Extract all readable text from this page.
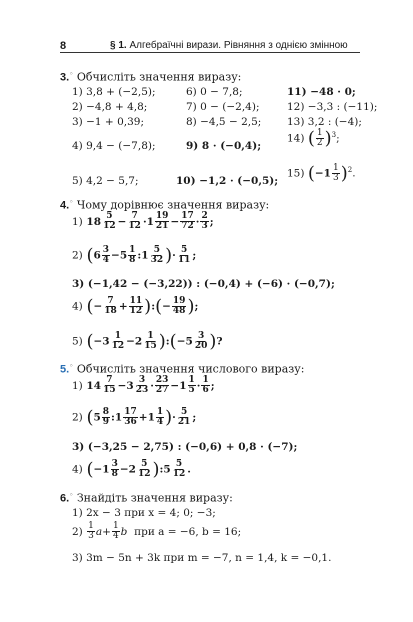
8	§ 1. Алгебраїчні вирази. Рівняння з однією змінною
3.◦ Обчисліть значення виразу:
1) 3,8 + (−2,5);
2) −4,8 + 4,8;
3) −1 + 0,39;
4) 9,4 − (−7,8);
5) 4,2 − 5,7;
6) 0 − 7,8;
7) 0 − (−2,4);
8) −4,5 − 2,5;
9) 8 · (−0,4);
10) −1,2 · (−0,5);
11) −48 · 0;
12) −3,3 : (−11);
13) 3,2 : (−4);
14) ( $\frac{1}{2} )^3$;
15) $(-1 \frac{1}{3} )^2$.
4.◦ Чому дорівнює значення виразу:
1) $18 \frac{5}{12} - \frac{7}{12} \cdot 1 \frac{19}{21} - \frac{17}{72} \cdot \frac{2}{3}$ ;
2) ($6 \frac{3}{4} -5 \frac{1}{8}$ :1 $\frac{5}{32}$ )· $\frac{5}{11}$ ;
3) (−1,42 − (−3,22)) : (−0,4) + (−6) · (−0,7);
4) (− $\frac{7}{18} + \frac{11}{12}$ ):(− $\frac{19}{48}$ );
5) ($-3 \frac{1}{12} -2 \frac{1}{15}$ ):(−5 $\frac{3}{20}$ )?
5.◦ Обчисліть значення числового виразу:
1) $14 \frac{7}{15} -3 \frac{3}{23} \cdot \frac{23}{27} -1 \frac{1}{5} \cdot \frac{1}{6}$ ;
2) ($5 \frac{8}{9}$ :1 $\frac{17}{36} +1 \frac{1}{4}$ )· $\frac{5}{21}$ ;
3) (−3,25 − 2,75) : (−0,6) + 0,8 · (−7);
4) ($-1 \frac{3}{8} -2 \frac{5}{12}$ ):5 $\frac{5}{12}$ .
6.◦ Знайдіть значення виразу:
1) 2x − 3 при x = 4; 0; −3;
$2) \frac{1}{3} a+ \frac{1}{4}$ b при a = −6, b = 16;
3) 3m − 5n + 3k при m = −7, n = 1,4, k = −0,1.
